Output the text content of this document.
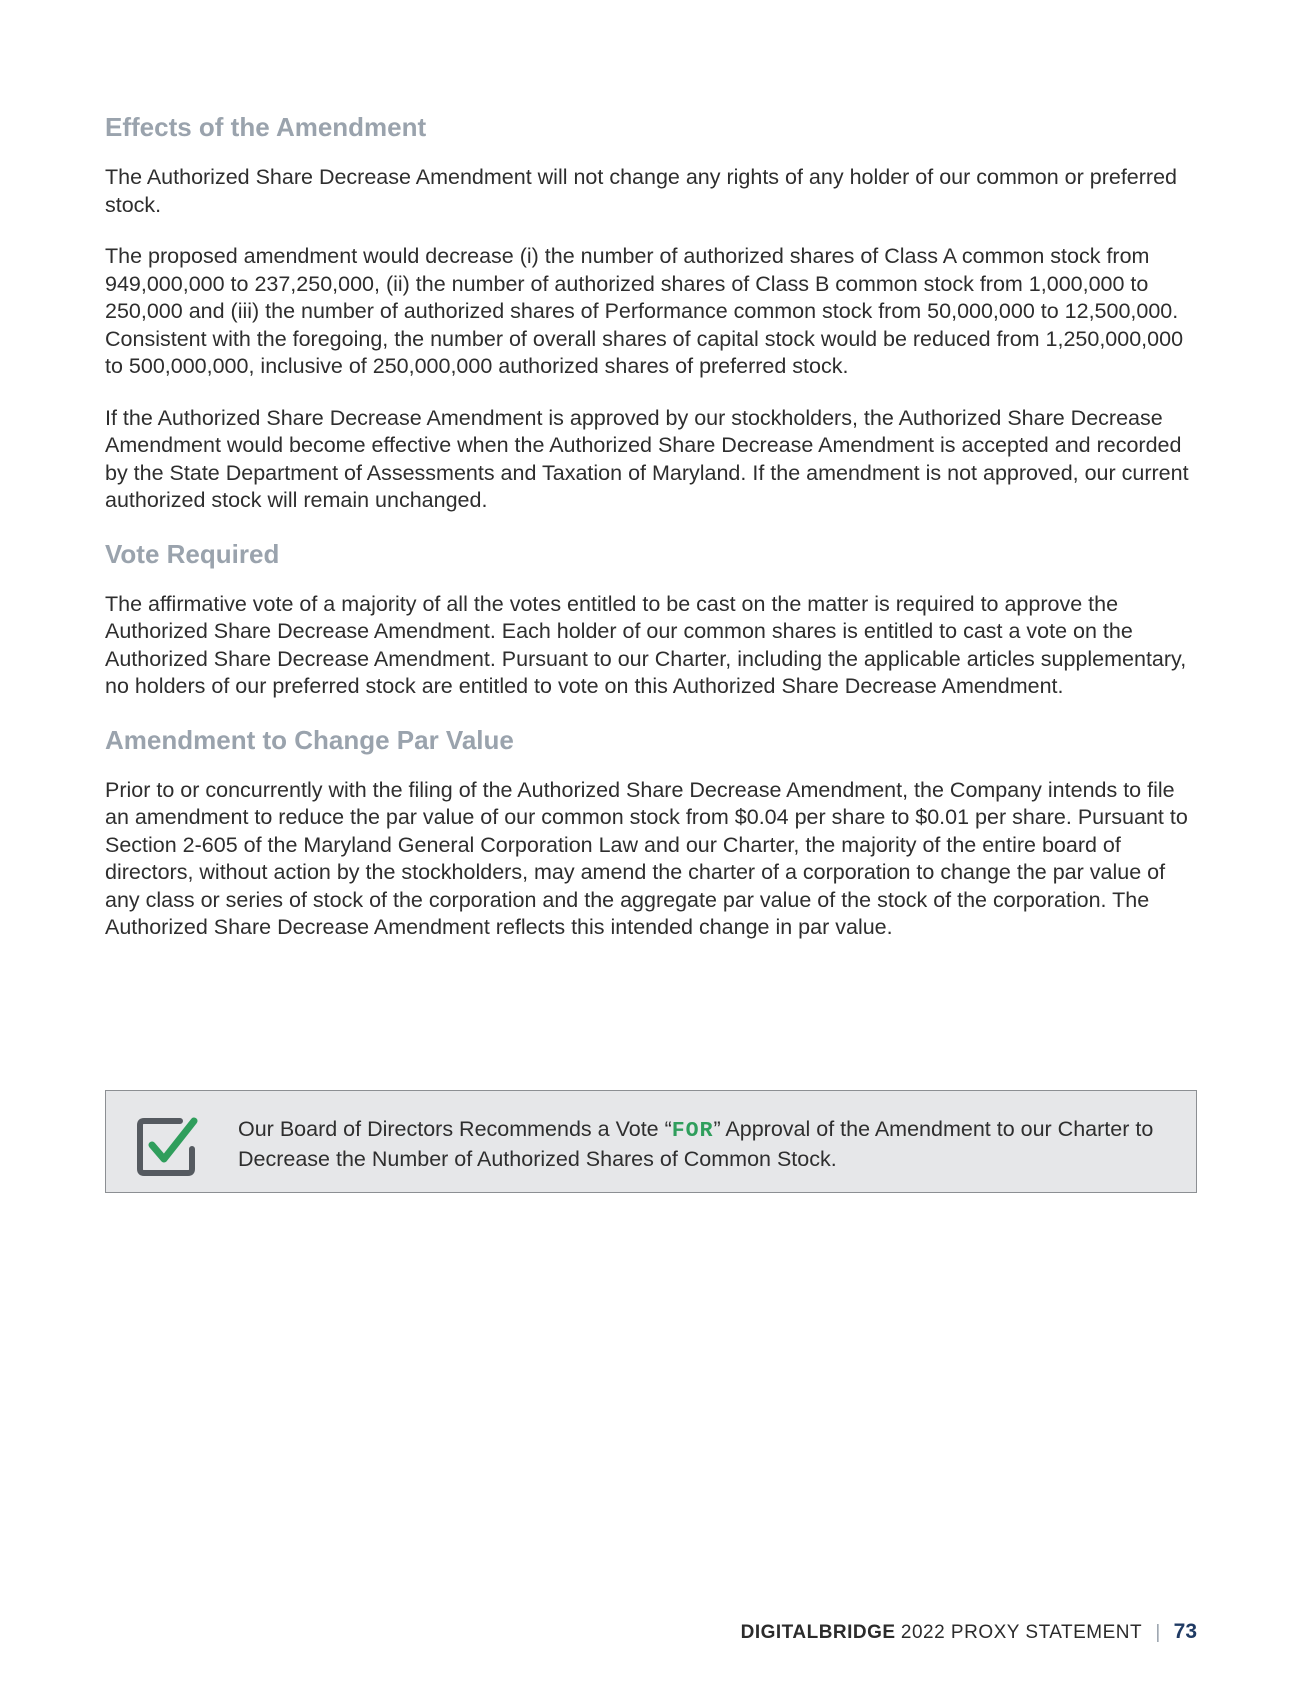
Effects of the Amendment

The Authorized Share Decrease Amendment will not change any rights of any holder of our common or preferred stock.

The proposed amendment would decrease (i) the number of authorized shares of Class A common stock from 949,000,000 to 237,250,000, (ii) the number of authorized shares of Class B common stock from 1,000,000 to 250,000 and (iii) the number of authorized shares of Performance common stock from 50,000,000 to 12,500,000. Consistent with the foregoing, the number of overall shares of capital stock would be reduced from 1,250,000,000 to 500,000,000, inclusive of 250,000,000 authorized shares of preferred stock.

If the Authorized Share Decrease Amendment is approved by our stockholders, the Authorized Share Decrease Amendment would become effective when the Authorized Share Decrease Amendment is accepted and recorded by the State Department of Assessments and Taxation of Maryland. If the amendment is not approved, our current authorized stock will remain unchanged.

Vote Required

The affirmative vote of a majority of all the votes entitled to be cast on the matter is required to approve the Authorized Share Decrease Amendment. Each holder of our common shares is entitled to cast a vote on the Authorized Share Decrease Amendment. Pursuant to our Charter, including the applicable articles supplementary, no holders of our preferred stock are entitled to vote on this Authorized Share Decrease Amendment.

Amendment to Change Par Value

Prior to or concurrently with the filing of the Authorized Share Decrease Amendment, the Company intends to file an amendment to reduce the par value of our common stock from $0.04 per share to $0.01 per share. Pursuant to Section 2-605 of the Maryland General Corporation Law and our Charter, the majority of the entire board of directors, without action by the stockholders, may amend the charter of a corporation to change the par value of any class or series of stock of the corporation and the aggregate par value of the stock of the corporation. The Authorized Share Decrease Amendment reflects this intended change in par value.

Our Board of Directors Recommends a Vote “FOR” Approval of the Amendment to our Charter to Decrease the Number of Authorized Shares of Common Stock.
DIGITALBRIDGE 2022 PROXY STATEMENT | 73
